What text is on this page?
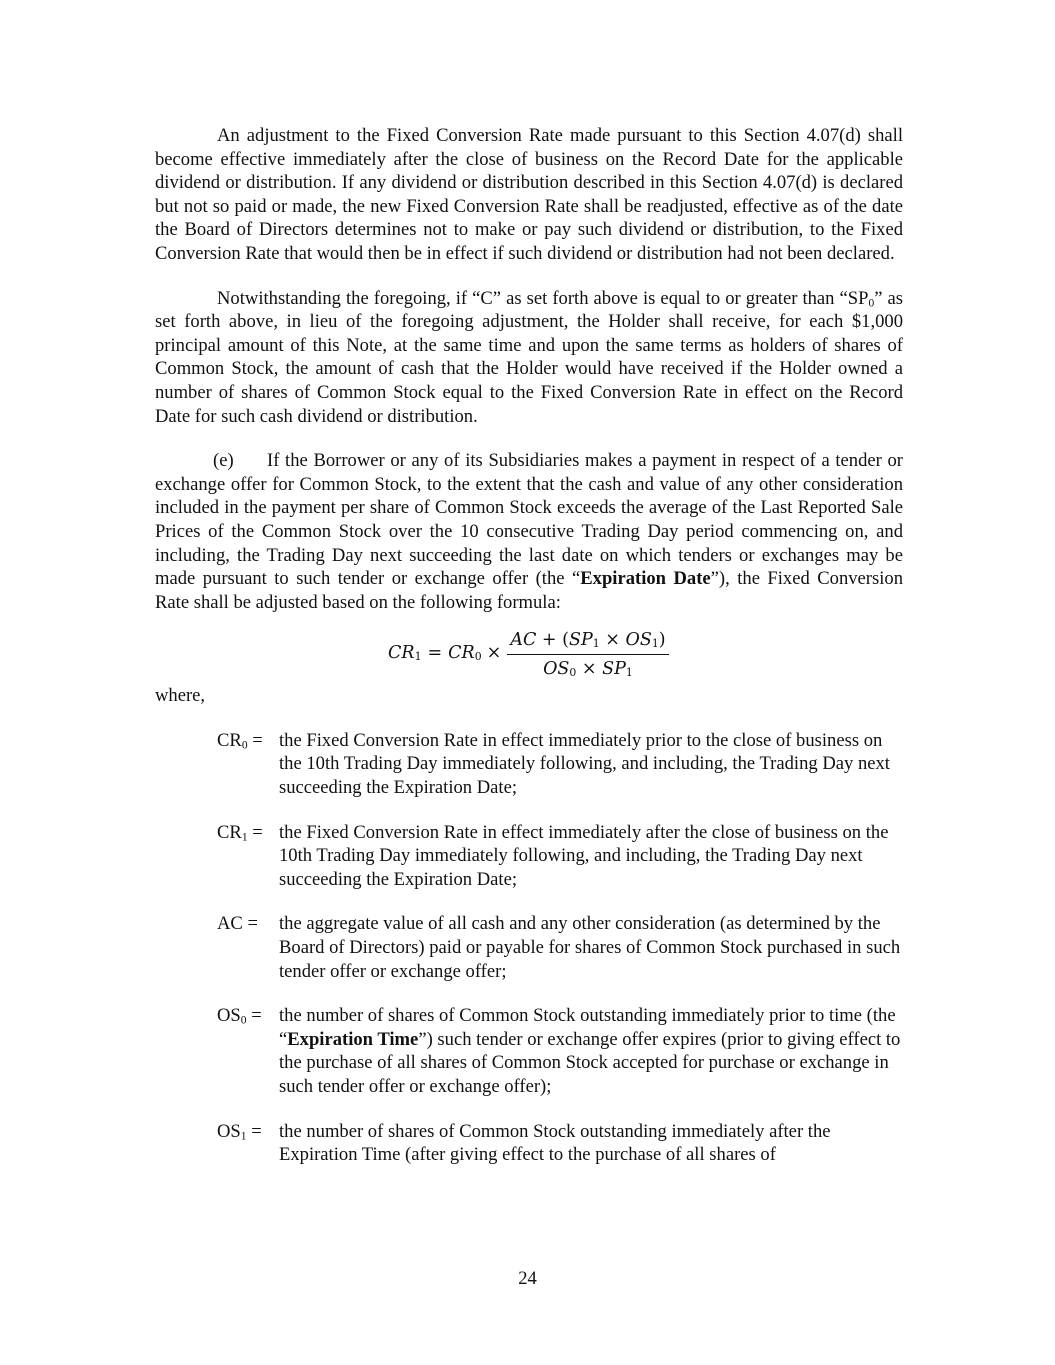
An adjustment to the Fixed Conversion Rate made pursuant to this Section 4.07(d) shall become effective immediately after the close of business on the Record Date for the applicable dividend or distribution. If any dividend or distribution described in this Section 4.07(d) is declared but not so paid or made, the new Fixed Conversion Rate shall be readjusted, effective as of the date the Board of Directors determines not to make or pay such dividend or distribution, to the Fixed Conversion Rate that would then be in effect if such dividend or distribution had not been declared.

Notwithstanding the foregoing, if “C” as set forth above is equal to or greater than “$SP_0$” as set forth above, in lieu of the foregoing adjustment, the Holder shall receive, for each $1,000 principal amount of this Note, at the same time and upon the same terms as holders of shares of Common Stock, the amount of cash that the Holder would have received if the Holder owned a number of shares of Common Stock equal to the Fixed Conversion Rate in effect on the Record Date for such cash dividend or distribution.

(e) If the Borrower or any of its Subsidiaries makes a payment in respect of a tender or exchange offer for Common Stock, to the extent that the cash and value of any other consideration included in the payment per share of Common Stock exceeds the average of the Last Reported Sale Prices of the Common Stock over the 10 consecutive Trading Day period commencing on, and including, the Trading Day next succeeding the last date on which tenders or exchanges may be made pursuant to such tender or exchange offer (the “Expiration Date”), the Fixed Conversion Rate shall be adjusted based on the following formula:

$CR_1 = CR_0 \times \frac{AC + (SP_1 \times OS_1)}{OS_0 \times SP_1}$

where,

$CR_0$ = the Fixed Conversion Rate in effect immediately prior to the close of business on the 10th Trading Day immediately following, and including, the Trading Day next succeeding the Expiration Date;
$CR_1$ = the Fixed Conversion Rate in effect immediately after the close of business on the 10th Trading Day immediately following, and including, the Trading Day next succeeding the Expiration Date;
AC =	the aggregate value of all cash and any other consideration (as determined by the Board of Directors) paid or payable for shares of Common Stock purchased in such tender offer or exchange offer;
$OS_0$ = the number of shares of Common Stock outstanding immediately prior to time (the “Expiration Time”) such tender or exchange offer expires (prior to giving effect to the purchase of all shares of Common Stock accepted for purchase or exchange in such tender offer or exchange offer);
$OS_1$ = the number of shares of Common Stock outstanding immediately after the Expiration Time (after giving effect to the purchase of all shares of
24
